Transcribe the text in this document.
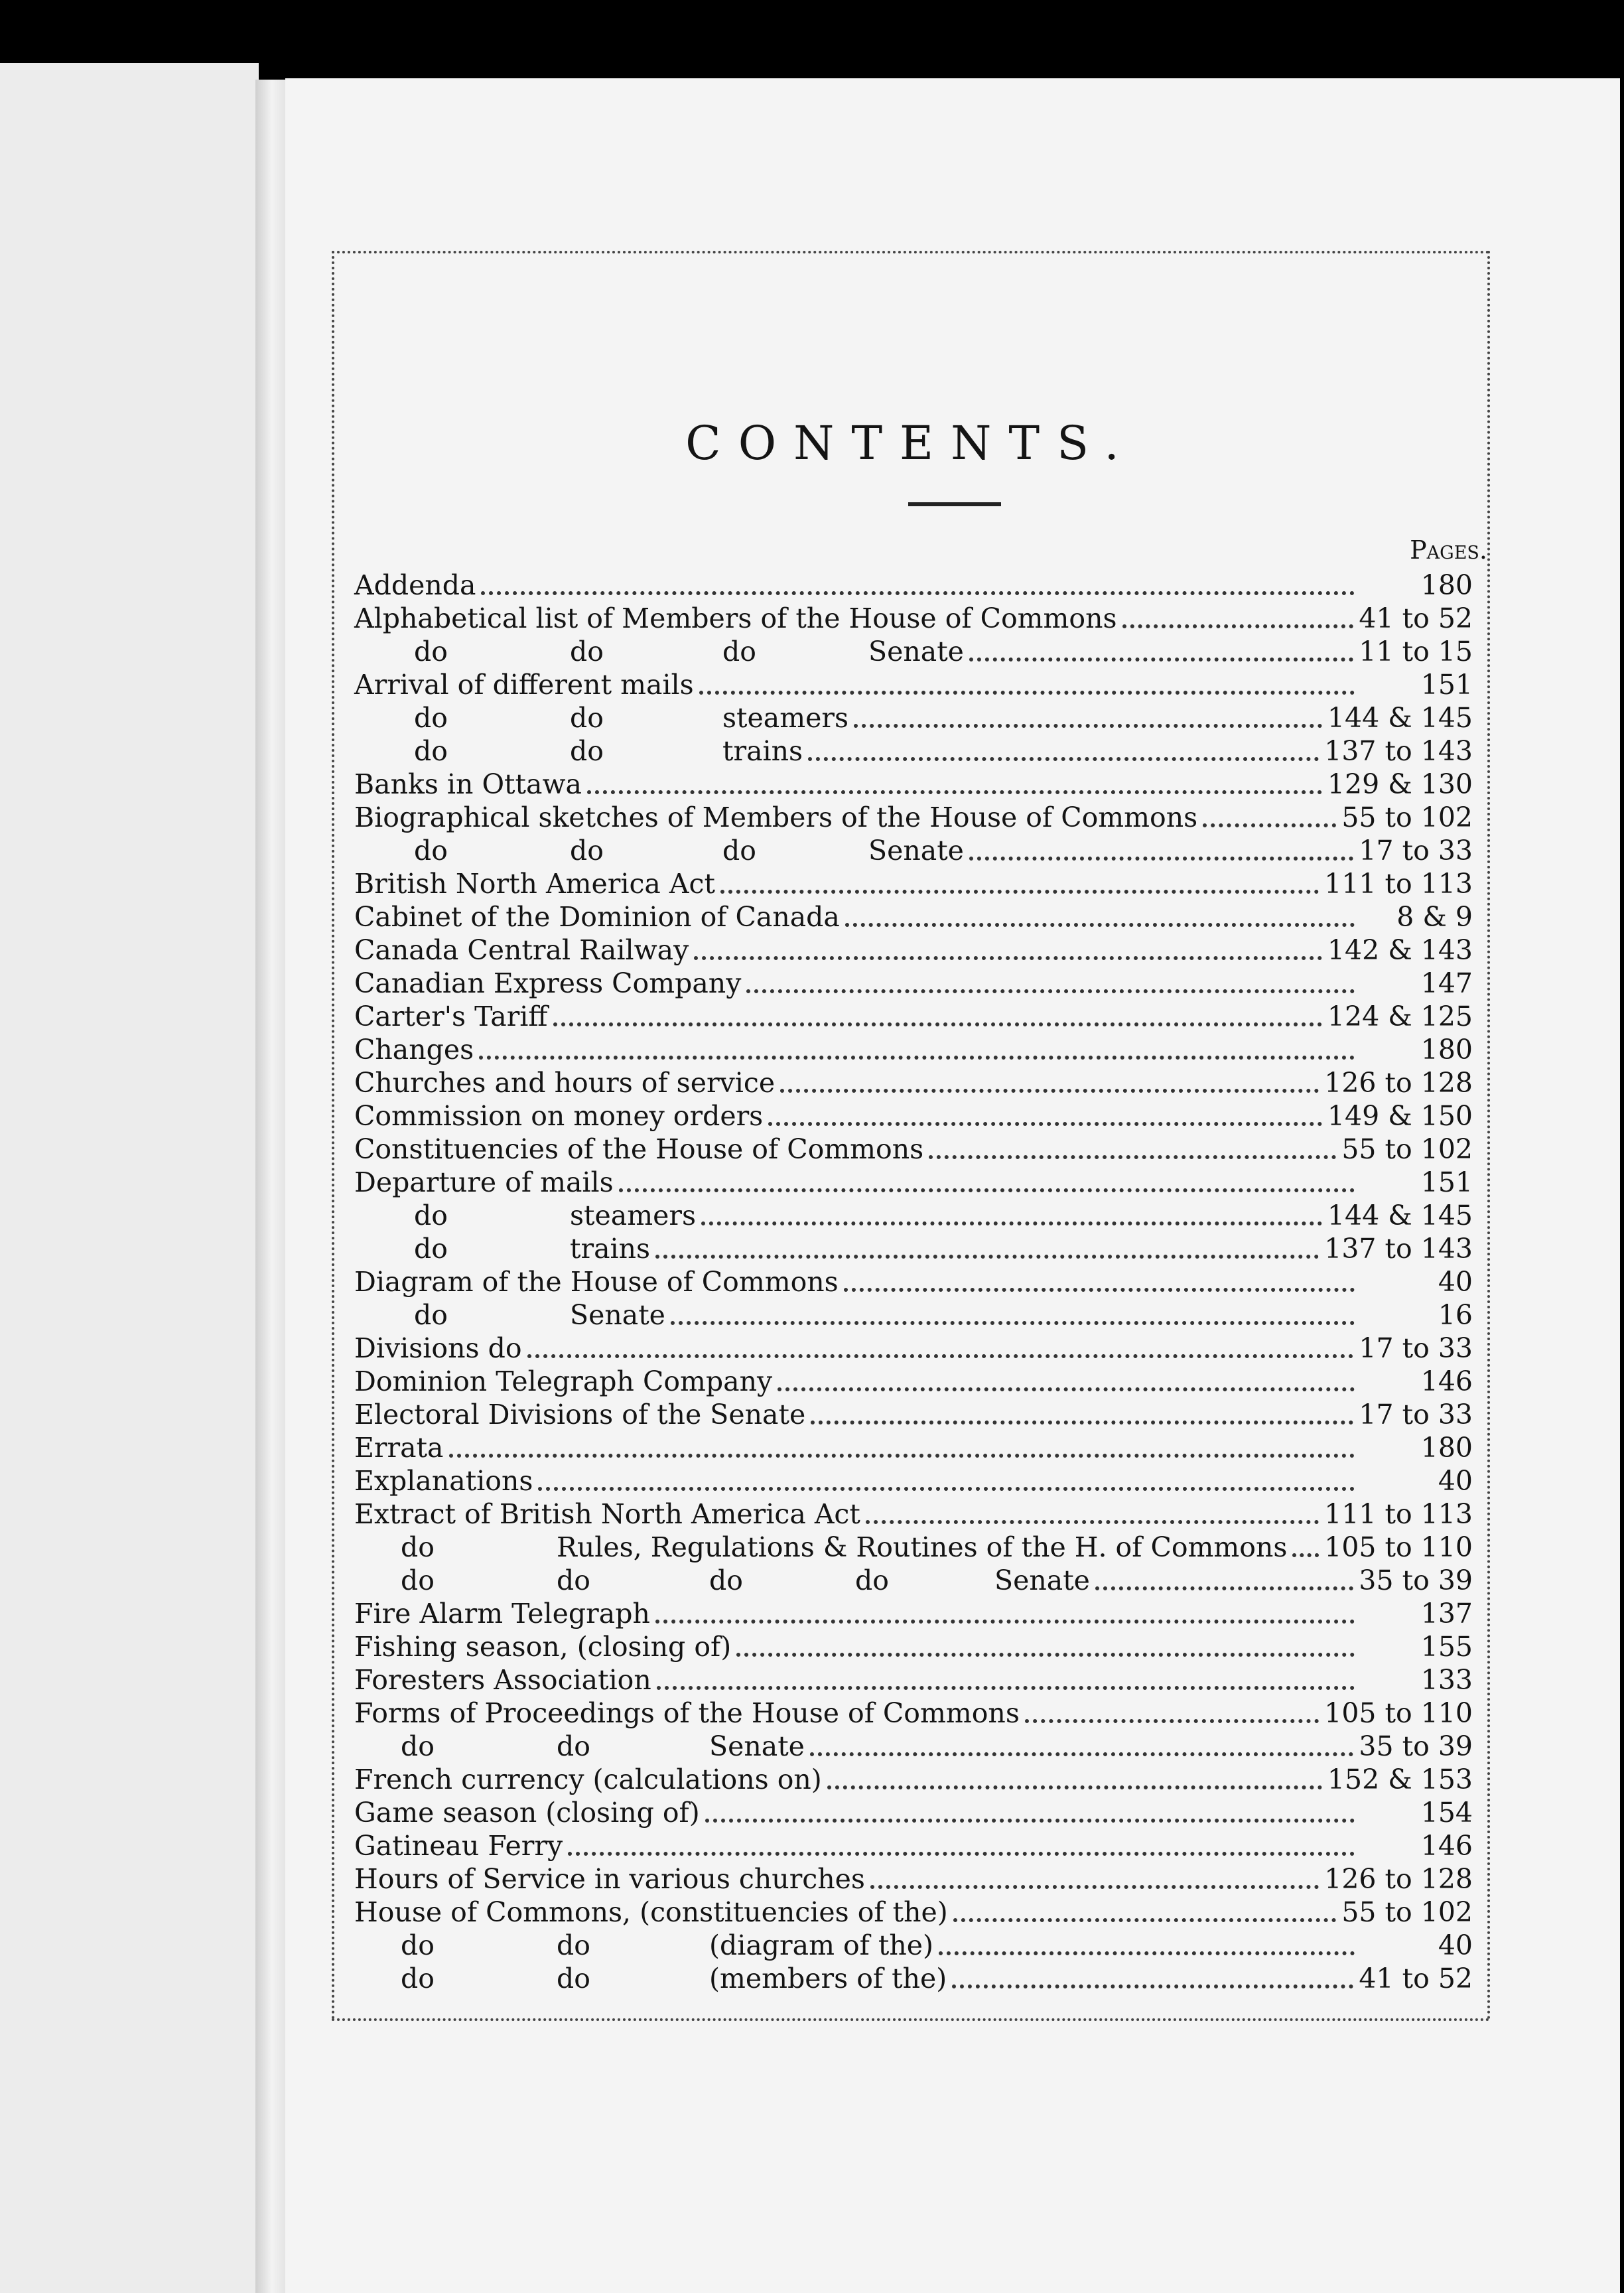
CONTENTS.
Pages.
Addenda	180
Alphabetical list of Members of the House of Commons	41 to 52
do	do	do	Senate	11 to 15
Arrival of different mails	151
do	do	steamers	144 & 145
do	do	trains	137 to 143
Banks in Ottawa	129 & 130
Biographical sketches of Members of the House of Commons	55 to 102
do	do	do	Senate	17 to 33
British North America Act	111 to 113
Cabinet of the Dominion of Canada	8 & 9
Canada Central Railway	142 & 143
Canadian Express Company	147
Carter's Tariff	124 & 125
Changes	180
Churches and hours of service	126 to 128
Commission on money orders	149 & 150
Constituencies of the House of Commons	55 to 102
Departure of mails	151
do	steamers	144 & 145
do	trains	137 to 143
Diagram of the House of Commons	40
do	Senate	16
Divisions do	17 to 33
Dominion Telegraph Company	146
Electoral Divisions of the Senate	17 to 33
Errata	180
Explanations	40
Extract of British North America Act	111 to 113
do	Rules, Regulations & Routines of the H. of Commons 105 to 110
do	do	do	do	Senate	35 to 39
Fire Alarm Telegraph	137
Fishing season, (closing of)	155
Foresters Association	133
Forms of Proceedings of the House of Commons	105 to 110
do	do	Senate	35 to 39
French currency (calculations on)	152 & 153
Game season (closing of)	154
Gatineau Ferry	146
Hours of Service in various churches	126 to 128
House of Commons, (constituencies of the)	55 to 102
do	do	(diagram of the)	40
do	do	(members of the)	41 to 52
